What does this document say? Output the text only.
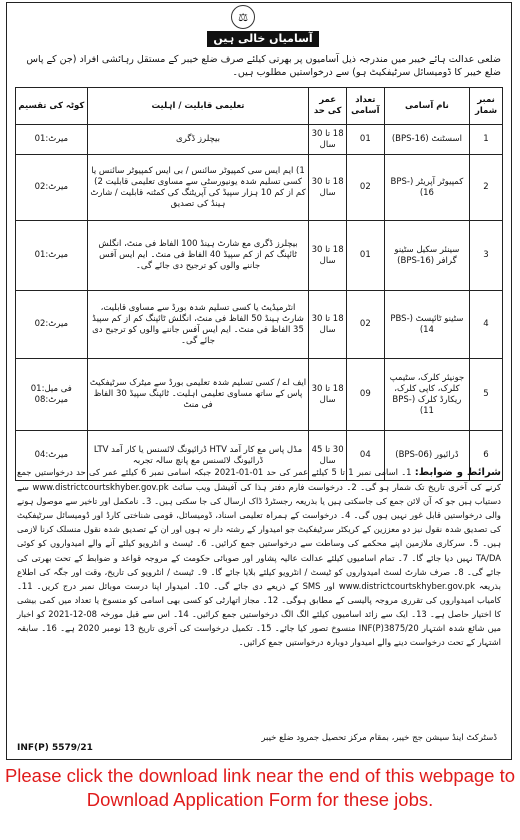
⚖
آسامیاں خالی ہیں
ضلعی عدالت ہائے خیبر میں مندرجہ ذیل آسامیوں پر بھرتی کیلئے صرف ضلع خیبر کے مستقل رہائشی افراد (جن کے پاس ضلع خیبر کا ڈومیسائل سرٹیفکیٹ ہو) سے درخواستیں مطلوب ہیں۔
نمبر شمار	نام آسامی	تعداد آسامی	عمر کی حد	تعلیمی قابلیت / اہلیت	کوٹہ کی تقسیم
1	اسسٹنٹ (BPS-16)	01	18 تا 30 سال	بیچلرز ڈگری	میرٹ:01
2	کمپیوٹر آپریٹر (BPS-16)	02	18 تا 30 سال	1) ایم ایس سی کمپیوٹر سائنس / بی ایس کمپیوٹر سائنس یا کسی تسلیم شدہ یونیورسٹی سے مساوی تعلیمی قابلیت 2) کم از کم 10 ہزار سپیڈ کی آپریٹنگ کی کمٹنہ قابلیت / شارٹ ہینڈ کی تصدیق	میرٹ:02
3	سینئر سکیل سٹینو گرافر (BPS-16)	01	18 تا 30 سال	بیچلرز ڈگری مع شارٹ ہینڈ 100 الفاظ فی منٹ، انگلش ٹائپنگ کم از کم سپیڈ 40 الفاظ فی منٹ۔ ایم ایس آفس جاننے والوں کو ترجیح دی جائے گی۔	میرٹ:01
4	سٹینو ٹائپسٹ (PBS-14)	02	18 تا 30 سال	انٹرمیڈیٹ یا کسی تسلیم شدہ بورڈ سے مساوی قابلیت، شارٹ ہینڈ 50 الفاظ فی منٹ، انگلش ٹائپنگ کم از کم سپیڈ 35 الفاظ فی منٹ۔ ایم ایس آفس جاننے والوں کو ترجیح دی جائے گی۔	میرٹ:02
5	جونیئر کلرک، سٹیمپ کلرک، کاپی کلرک، ریکارڈ کلرک (BPS-11)	09	18 تا 30 سال	ایف اے / کسی تسلیم شدہ تعلیمی بورڈ سے میٹرک سرٹیفکیٹ پاس کے ساتھ مساوی تعلیمی اہلیت۔ ٹائپنگ سپیڈ 30 الفاظ فی منٹ	فی میل:01 میرٹ:08
6	ڈرائیور (BPS-06)	04	30 تا 45 سال	مڈل پاس مع کار آمد HTV ڈرائیونگ لائسنس یا کار آمد LTV ڈرائیونگ لائسنس مع پانچ سالہ تجربہ	میرٹ:04
شرائط و ضوابط: 1۔ اسامی نمبر 1 تا 5 کیلئے عمر کی حد 01-01-2021 جبکہ اسامی نمبر 6 کیلئے عمر کی حد درخواستیں جمع کرنے کی آخری تاریخ تک شمار ہو گی۔ 2۔ درخواست فارم دفتر ہذا کی آفیشل ویب سائٹ www.districtcourtskhyber.gov.pk سے دستیاب ہیں جو کہ آن لائن جمع کی جاسکتی ہیں یا بذریعہ رجسٹرڈ ڈاک ارسال کی جا سکتی ہیں۔ 3۔ نامکمل اور تاخیر سے موصول ہونے والی درخواستیں قابل غور نہیں ہوں گی۔ 4۔ درخواست کے ہمراہ تعلیمی اسناد، ڈومیسائل، قومی شناختی کارڈ اور ڈومیسائل سرٹیفکیٹ کی تصدیق شدہ نقول نیز دو معززین کے کریکٹر سرٹیفکیٹ جو امیدوار کے رشتہ دار نہ ہوں اور ان کے تصدیق شدہ نقول منسلک کرنا لازمی ہیں۔ 5۔ سرکاری ملازمین اپنے محکمے کی وساطت سے درخواستیں جمع کرائیں۔ 6۔ ٹیسٹ و انٹرویو کیلئے آنے والے امیدواروں کو کوئی TA/DA نہیں دیا جائے گا۔ 7۔ تمام اسامیوں کیلئے عدالت عالیہ پشاور اور صوبائی حکومت کے مروجہ قواعد و ضوابط کے تحت بھرتی کی جائے گی۔ 8۔ صرف شارٹ لسٹ امیدواروں کو ٹیسٹ / انٹرویو کیلئے بلایا جائے گا۔ 9۔ ٹیسٹ / انٹرویو کی تاریخ، وقت اور جگہ کی اطلاع بذریعہ www.districtcourtskhyber.gov.pk اور SMS کے ذریعے دی جائے گی۔ 10۔ امیدوار اپنا درست موبائل نمبر درج کریں۔ 11۔ کامیاب امیدواروں کی تقرری مروجہ پالیسی کے مطابق ہوگی۔ 12۔ مجاز اتھارٹی کو کسی بھی اسامی کو منسوخ یا تعداد میں کمی بیشی کا اختیار حاصل ہے۔ 13۔ ایک سے زائد اسامیوں کیلئے الگ الگ درخواستیں جمع کرائیں۔ 14۔ اس سے قبل مورخہ 08-12-2021 کو اخبار میں شائع شدہ اشتہار INF(P)3875/20 منسوخ تصور کیا جائے۔ 15۔ تکمیل درخواست کی آخری تاریخ 13 نومبر 2020 ہے۔ 16۔ سابقہ اشتہار کے تحت درخواست دینے والے امیدوار دوبارہ درخواستیں جمع کرائیں۔
INF(P) 5579/21
ڈسٹرکٹ اینڈ سیشن جج خیبر، بمقام مرکز تحصیل جمرود ضلع خیبر
Please click the download link near the end of this webpage to Download Application Form for these jobs.
